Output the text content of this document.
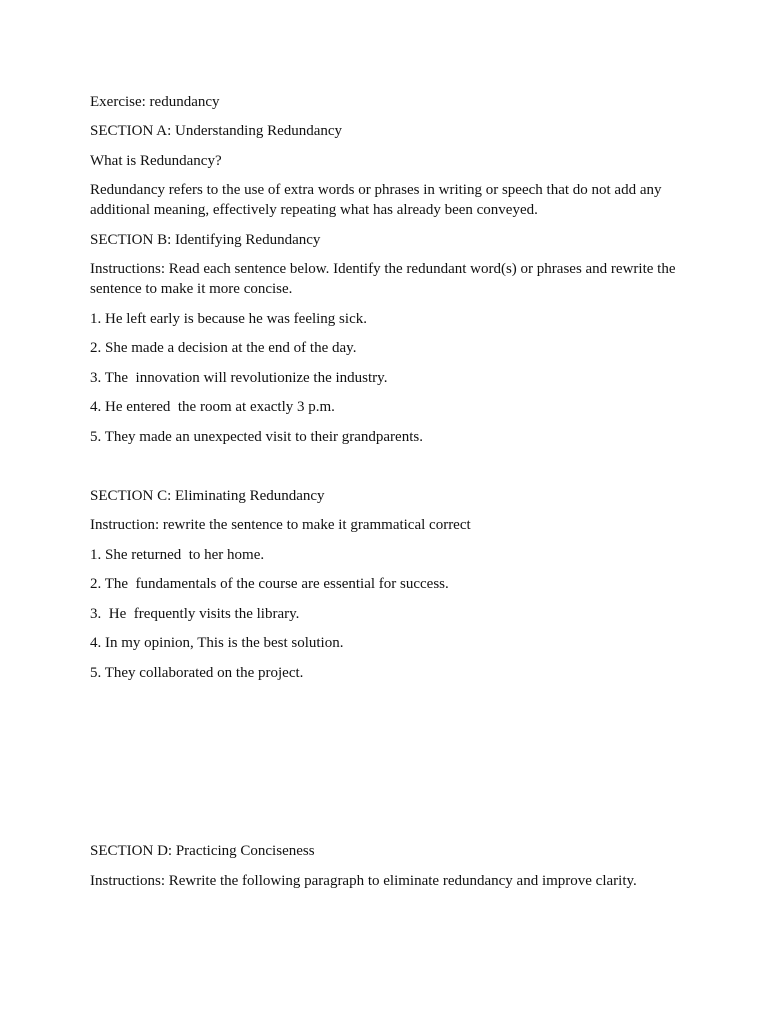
Exercise: redundancy

SECTION A: Understanding Redundancy

What is Redundancy?

Redundancy refers to the use of extra words or phrases in writing or speech that do not add any additional meaning, effectively repeating what has already been conveyed.

SECTION B: Identifying Redundancy

Instructions: Read each sentence below. Identify the redundant word(s) or phrases and rewrite the sentence to make it more concise.

1. He left early is because he was feeling sick.

2. She made a decision at the end of the day.

3. The  innovation will revolutionize the industry.

4. He entered  the room at exactly 3 p.m.

5. They made an unexpected visit to their grandparents.

SECTION C: Eliminating Redundancy

Instruction: rewrite the sentence to make it grammatical correct

1. She returned  to her home.

2. The  fundamentals of the course are essential for success.

3.  He  frequently visits the library.

4. In my opinion, This is the best solution.

5. They collaborated on the project.

SECTION D: Practicing Conciseness

Instructions: Rewrite the following paragraph to eliminate redundancy and improve clarity.
